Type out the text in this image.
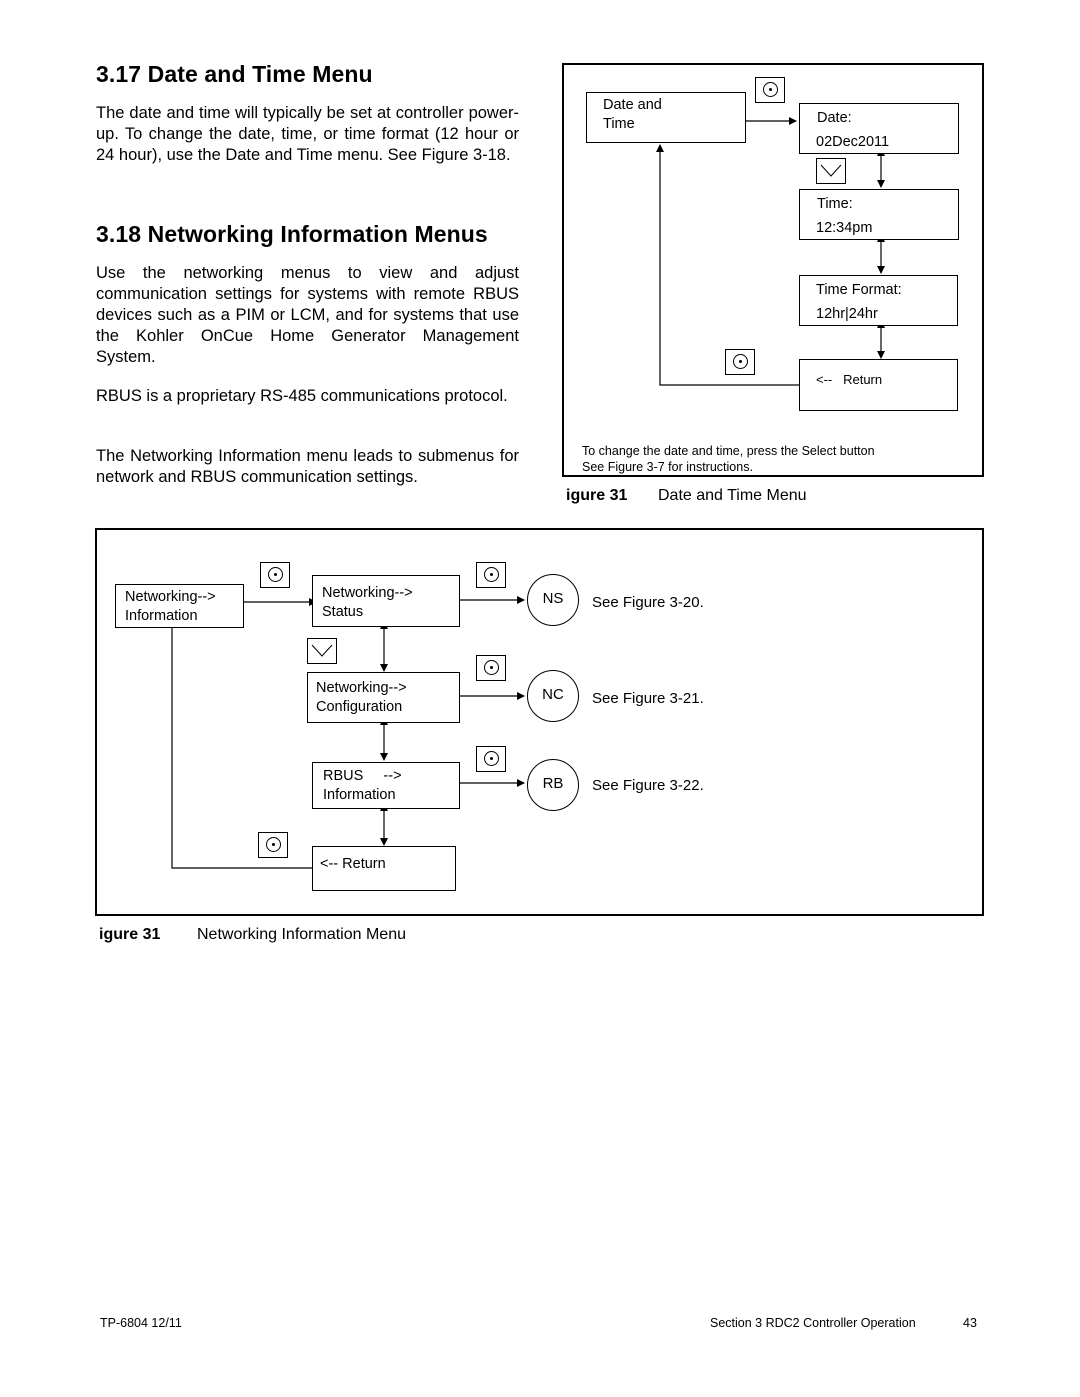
3.17 Date and Time Menu

The date and time will typically be set at controller power-up. To change the date, time, or time format (12 hour or 24 hour), use the Date and Time menu. See Figure 3-18.

3.18 Networking Information Menus

Use the networking menus to view and adjust communication settings for systems with remote RBUS devices such as a PIM or LCM, and for systems that use the Kohler OnCue Home Generator Management System.

RBUS is a proprietary RS-485 communications protocol.

The Networking Information menu leads to submenus for network and RBUS communication settings.

Date and
Time	Date:
02Dec2011
Time:
12:34pm
Time Format:
12hr|24hr
<--   Return
To change the date and time, press the Select button
See Figure 3-7 for instructions.
igure 31 Date and Time Menu
Networking-->
Information
Networking-->
Status
Networking-->
Configuration
RBUS     -->
Information
<-- Return
NS
NC
RB
See Figure 3-20.
See Figure 3-21.
See Figure 3-22.
igure 31 Networking Information Menu
TP-6804 12/11	Section 3 RDC2 Controller Operation	43
